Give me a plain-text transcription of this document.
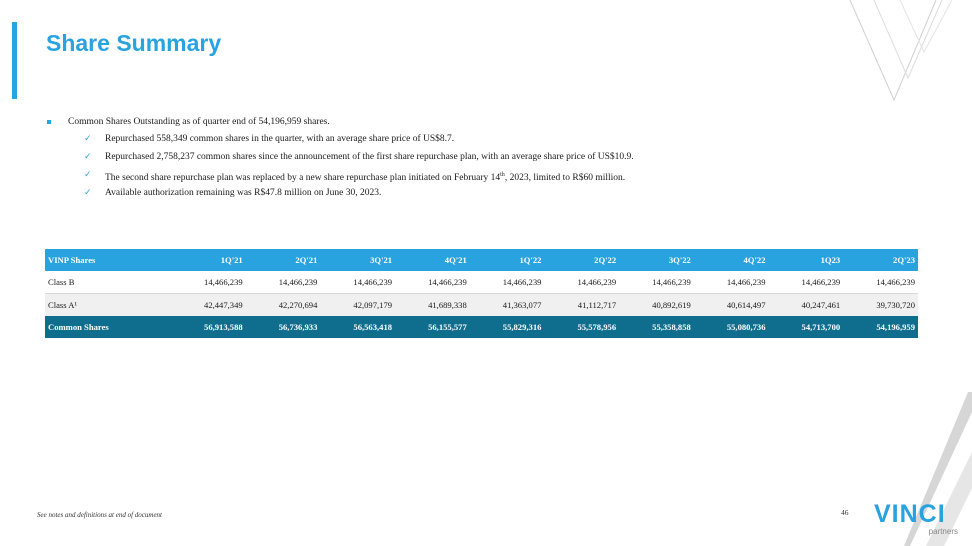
Share Summary
Common Shares Outstanding as of quarter end of 54,196,959 shares.
✓ Repurchased 558,349 common shares in the quarter, with an average share price of US$8.7.
✓ Repurchased 2,758,237 common shares since the announcement of the first share repurchase plan, with an average share price of US$10.9.
✓ The second share repurchase plan was replaced by a new share repurchase plan initiated on February 14th, 2023, limited to R$60 million.
✓ Available authorization remaining was R$47.8 million on June 30, 2023.
VINP Shares	1Q'21	2Q'21	3Q'21	4Q'21	1Q'22	2Q'22	3Q'22	4Q'22	1Q23	2Q'23
Class B	14,466,239	14,466,239	14,466,239	14,466,239	14,466,239	14,466,239	14,466,239	14,466,239	14,466,239	14,466,239
Class A¹	42,447,349	42,270,694	42,097,179	41,689,338	41,363,077	41,112,717	40,892,619	40,614,497	40,247,461	39,730,720
Common Shares	56,913,588	56,736,933	56,563,418	56,155,577	55,829,316	55,578,956	55,358,858	55,080,736	54,713,700	54,196,959
See notes and definitions at end of document	46 VINCI
partners
